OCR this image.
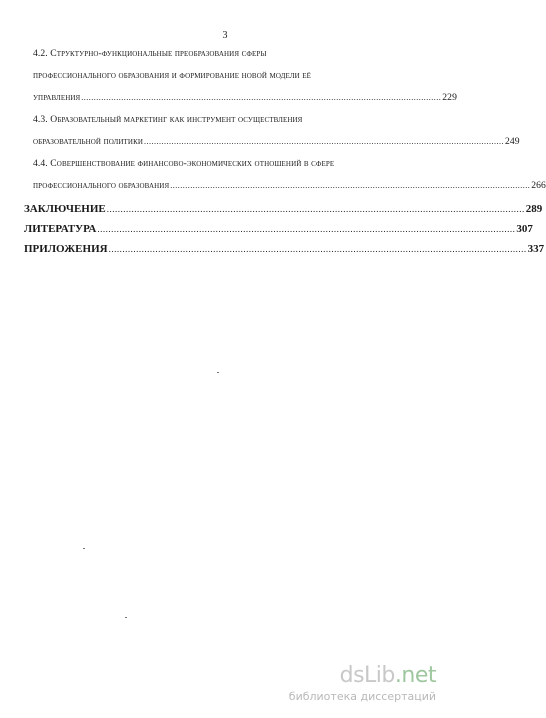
3
4.2. Структурно-функциональные преобразования сферы
профессионального образования и формирование новой модели её
управления ................................................................................................................................................ 229
4.3. Образовательный маркетинг как инструмент осуществления
образовательной политики ................................................................................................................................................ 249
4.4. Совершенствование финансово-экономических отношений в сфере
профессионального образования ................................................................................................................................................ 266
ЗАКЛЮЧЕНИЕ ........................................................................................................................................................ 289
ЛИТЕРАТУРА ........................................................................................................................................................ 307
ПРИЛОЖЕНИЯ ........................................................................................................................................................ 337
dsLib.net
библиотека диссертаций
